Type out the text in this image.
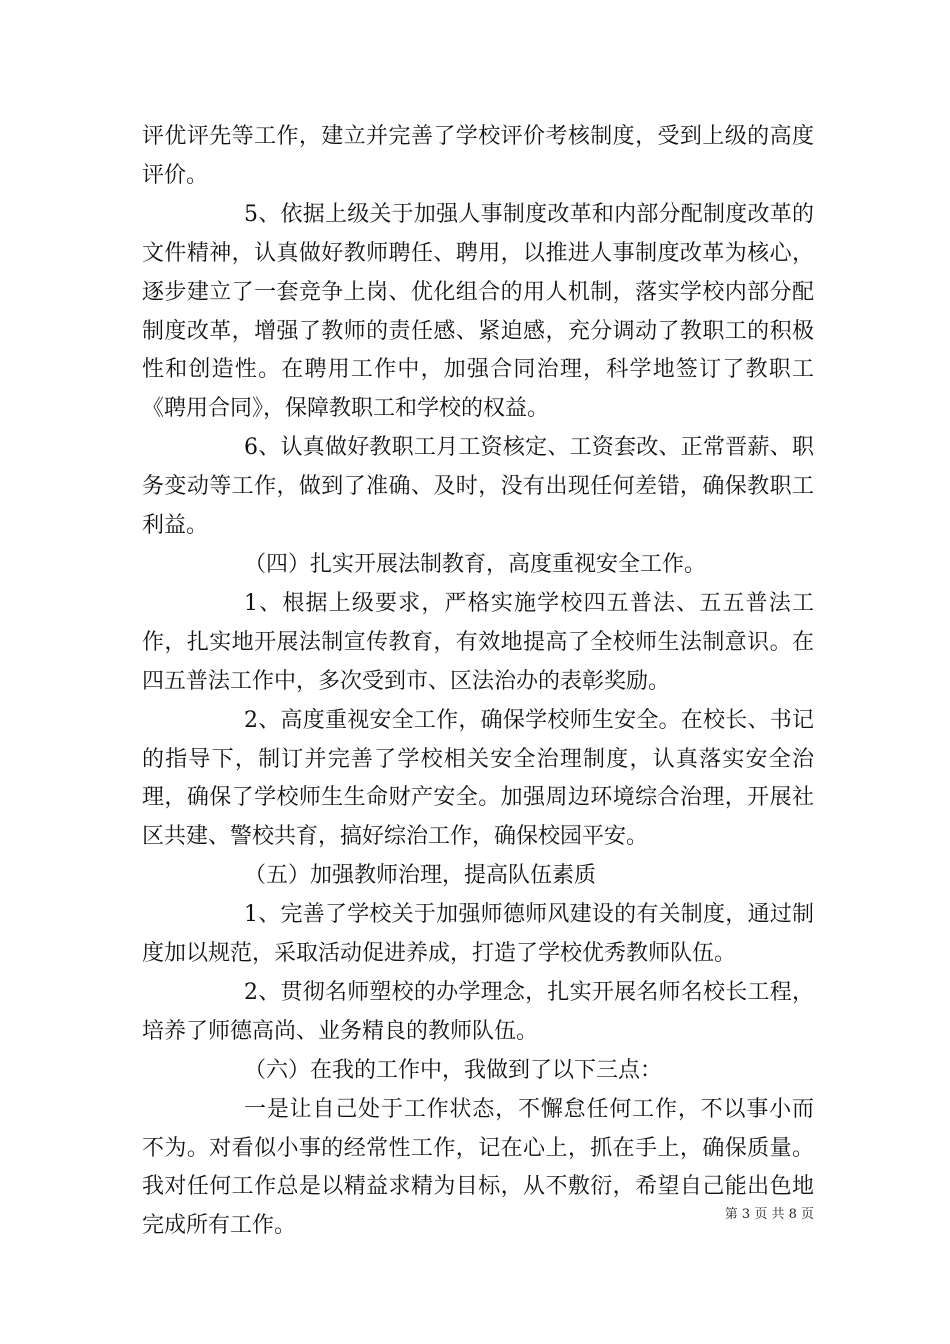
评优评先等工作，建立并完善了学校评价考核制度，受到上级的高度评价。

5、依据上级关于加强人事制度改革和内部分配制度改革的文件精神，认真做好教师聘任、聘用，以推进人事制度改革为核心，逐步建立了一套竞争上岗、优化组合的用人机制，落实学校内部分配制度改革，增强了教师的责任感、紧迫感，充分调动了教职工的积极性和创造性。在聘用工作中，加强合同治理，科学地签订了教职工《聘用合同》，保障教职工和学校的权益。

6、认真做好教职工月工资核定、工资套改、正常晋薪、职务变动等工作，做到了准确、及时，没有出现任何差错，确保教职工利益。

（四）扎实开展法制教育，高度重视安全工作。

1、根据上级要求，严格实施学校四五普法、五五普法工作，扎实地开展法制宣传教育，有效地提高了全校师生法制意识。在四五普法工作中，多次受到市、区法治办的表彰奖励。

2、高度重视安全工作，确保学校师生安全。在校长、书记的指导下，制订并完善了学校相关安全治理制度，认真落实安全治理，确保了学校师生生命财产安全。加强周边环境综合治理，开展社区共建、警校共育，搞好综治工作，确保校园平安。

（五）加强教师治理，提高队伍素质

1、完善了学校关于加强师德师风建设的有关制度，通过制度加以规范，采取活动促进养成，打造了学校优秀教师队伍。

2、贯彻名师塑校的办学理念，扎实开展名师名校长工程，培养了师德高尚、业务精良的教师队伍。

（六）在我的工作中，我做到了以下三点：

一是让自己处于工作状态，不懈怠任何工作，不以事小而不为。对看似小事的经常性工作，记在心上，抓在手上，确保质量。我对任何工作总是以精益求精为目标，从不敷衍，希望自己能出色地完成所有工作。	第 3 页 共 8 页
